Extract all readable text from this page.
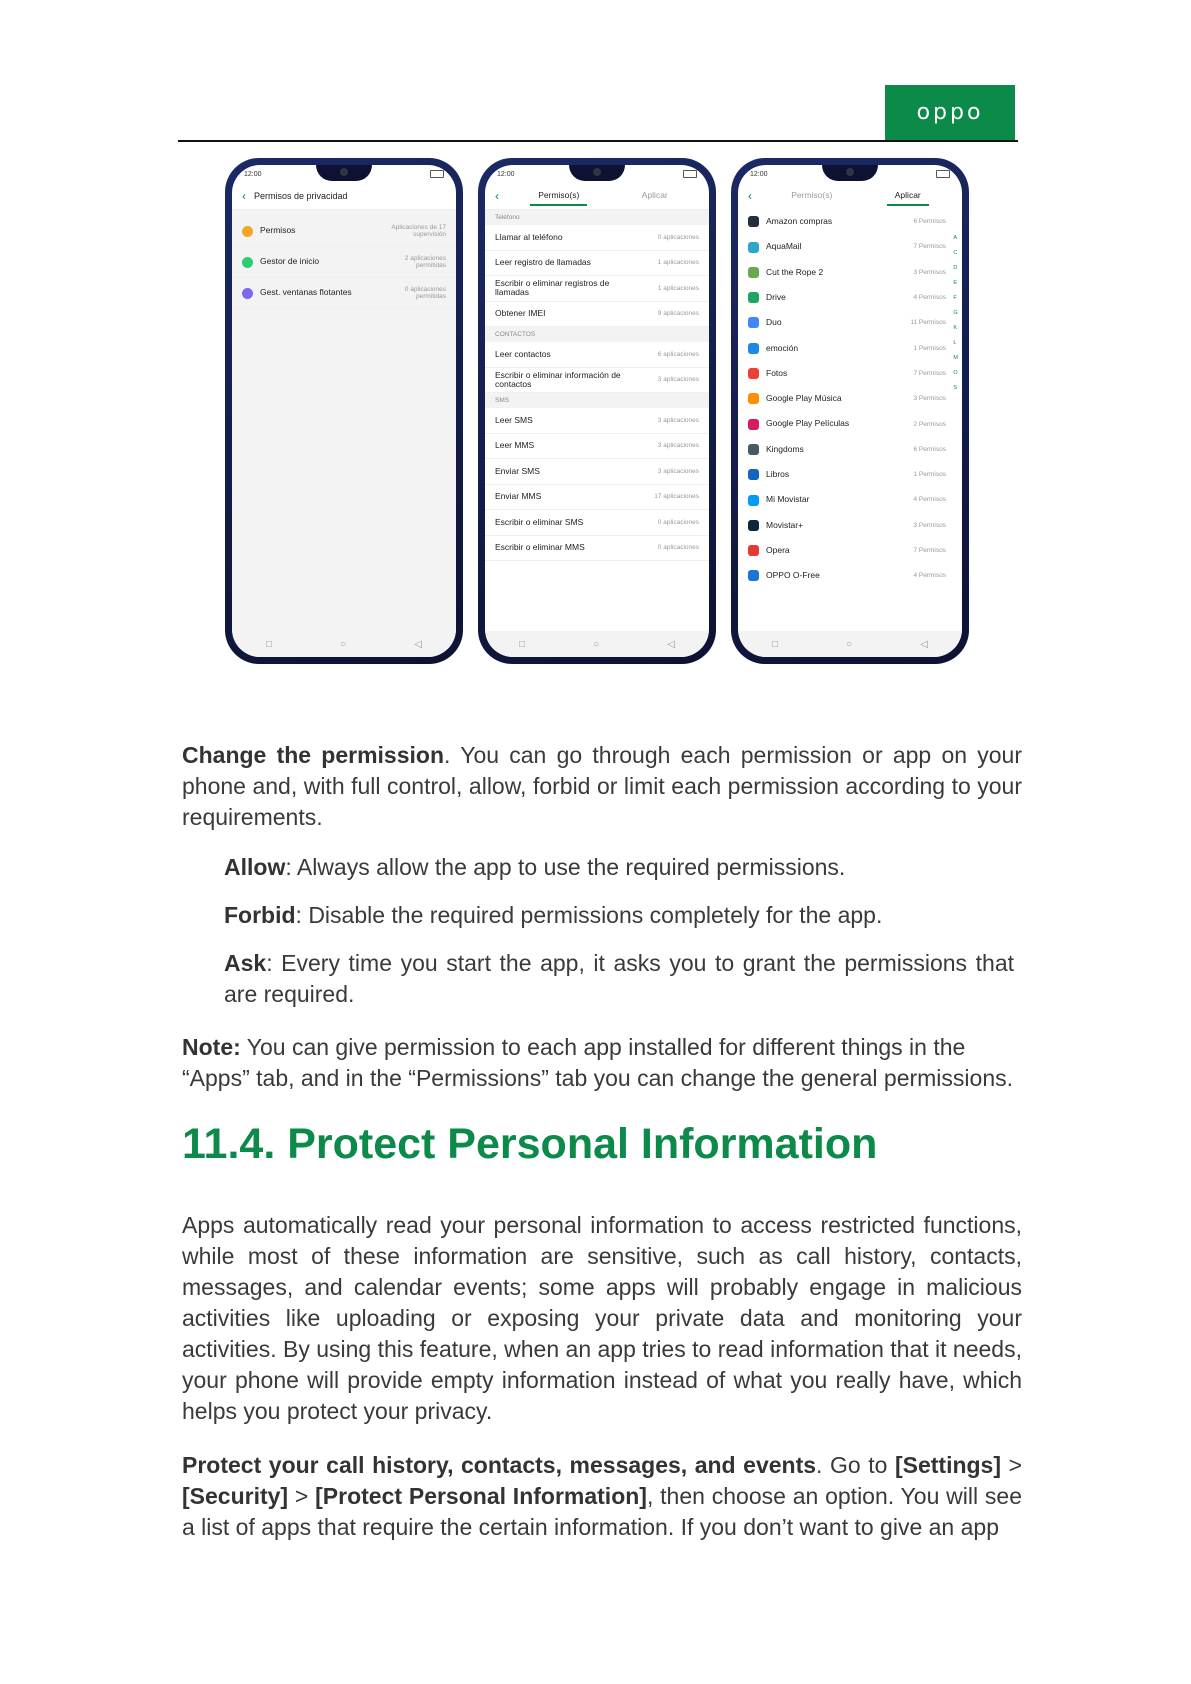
oppo
12:00
‹ Permisos de privacidad
Permisos	Aplicaciones de 17 supervisión
Gestor de inicio	2 aplicaciones permitidas
Gest. ventanas flotantes	0 aplicaciones permitidas
□	○	◁
12:00
‹	Permiso(s)	Aplicar
Teléfono
Llamar al teléfono	0 aplicaciones
Leer registro de llamadas	1 aplicaciones
Escribir o eliminar registros de llamadas	1 aplicaciones
Obtener IMEI	9 aplicaciones
CONTACTOS
Leer contactos	6 aplicaciones
Escribir o eliminar información de contactos	3 aplicaciones
SMS
Leer SMS	3 aplicaciones
Leer MMS	3 aplicaciones
Enviar SMS	3 aplicaciones
Enviar MMS	17 aplicaciones
Escribir o eliminar SMS	0 aplicaciones
Escribir o eliminar MMS	0 aplicaciones
□	○	◁
12:00
‹	Permiso(s)	Aplicar
Amazon compras	6 Permisos
AquaMail	7 Permisos
Cut the Rope 2	3 Permisos
Drive	4 Permisos
Duo	11 Permisos
emoción	1 Permisos
Fotos	7 Permisos
Google Play Música	3 Permisos
Google Play Películas	2 Permisos
Kingdoms	6 Permisos
Libros	1 Permisos
Mi Movistar	4 Permisos
Movistar+	3 Permisos
Opera	7 Permisos
OPPO O-Free	4 Permisos
A
C
D
E
F
G
K
L
M
O
S
□	○	◁

Change the permission. You can go through each permission or app on your phone and, with full control, allow, forbid or limit each permission according to your requirements.

Allow: Always allow the app to use the required permissions.

Forbid: Disable the required permissions completely for the app.

Ask: Every time you start the app, it asks you to grant the permissions that are required.

Note: You can give permission to each app installed for different things in the “Apps” tab, and in the “Permissions” tab you can change the general permissions.

11.4. Protect Personal Information

Apps automatically read your personal information to access restricted functions, while most of these information are sensitive, such as call history, contacts, messages, and calendar events; some apps will probably engage in malicious activities like uploading or exposing your private data and monitoring your activities. By using this feature, when an app tries to read information that it needs, your phone will provide empty information instead of what you really have, which helps you protect your privacy.

Protect your call history, contacts, messages, and events. Go to [Settings] > [Security] > [Protect Personal Information], then choose an option. You will see a list of apps that require the certain information. If you don’t want to give an app
